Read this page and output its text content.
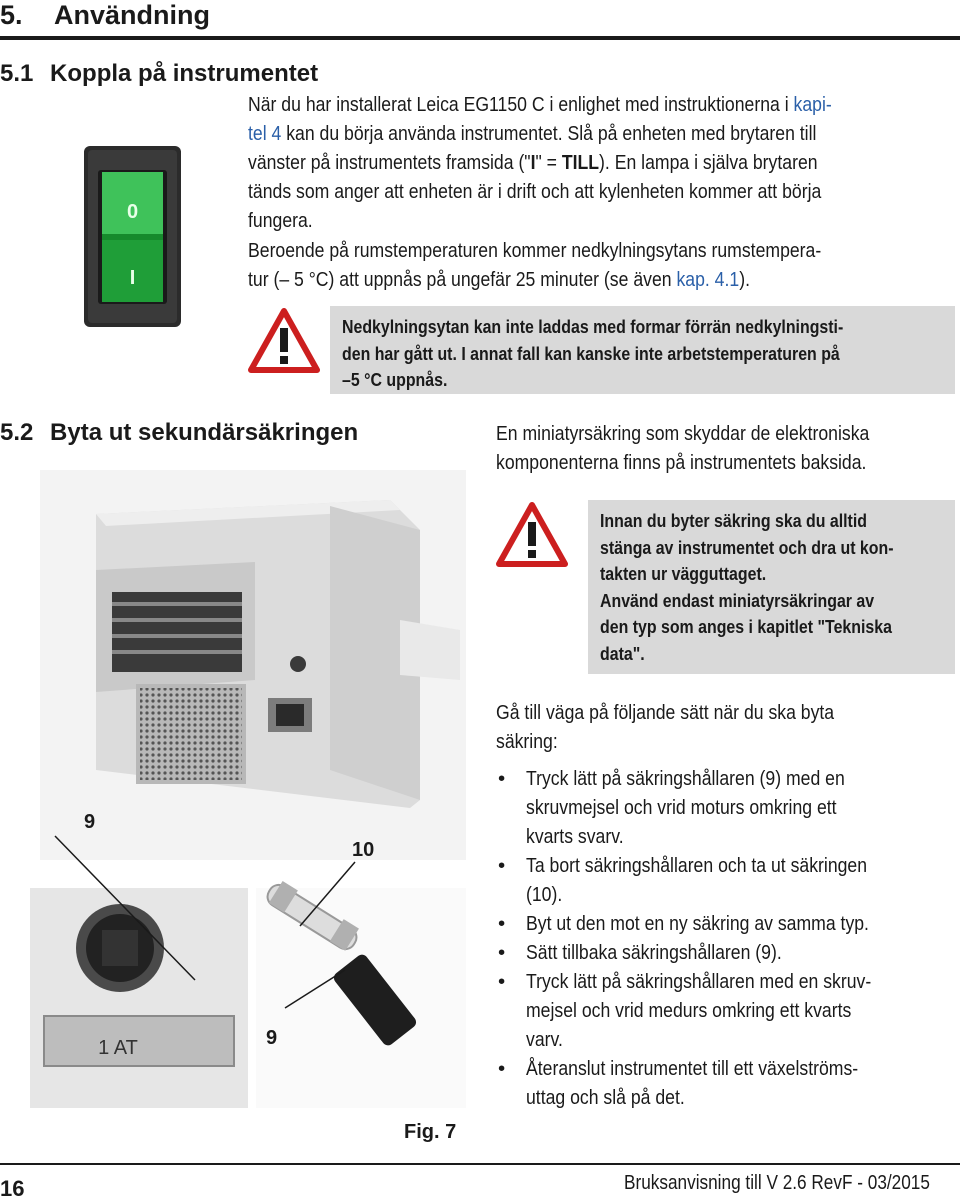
5. Användning
5.1 Koppla på instrumentet
0
I
När du har installerat Leica EG1150 C i enlighet med instruktionerna i kapi-
tel 4 kan du börja använda instrumentet. Slå på enheten med brytaren till
vänster på instrumentets framsida ("I" = TILL). En lampa i själva brytaren
tänds som anger att enheten är i drift och att kylenheten kommer att börja
fungera.
Beroende på rumstemperaturen kommer nedkylningsytans rumstempera-
tur (– 5 °C) att uppnås på ungefär 25 minuter (se även kap. 4.1).
Nedkylningsytan kan inte laddas med formar förrän nedkylningsti-
den har gått ut. I annat fall kan kanske inte arbetstemperaturen på
–5 °C uppnås.
5.2 Byta ut sekundärsäkringen	En miniatyrsäkring som skyddar de elektroniska
komponenterna finns på instrumentets baksida.
Innan du byter säkring ska du alltid
stänga av instrumentet och dra ut kon-
takten ur vägguttaget.
Använd endast miniatyrsäkringar av
den typ som anges i kapitlet "Tekniska
data".
Gå till väga på följande sätt när du ska byta
säkring:
• Tryck lätt på säkringshållaren (9) med en
skruvmejsel och vrid moturs omkring ett
kvarts svarv.
• Ta bort säkringshållaren och ta ut säkringen
(10).
• Byt ut den mot en ny säkring av samma typ.
• Sätt tillbaka säkringshållaren (9).
• Tryck lätt på säkringshållaren med en skruv-
mejsel och vrid medurs omkring ett kvarts
varv.
• Återanslut instrumentet till ett växelströms-
uttag och slå på det.
9
10
9
1 AT
Fig. 7
16	Bruksanvisning till V 2.6 RevF - 03/2015
